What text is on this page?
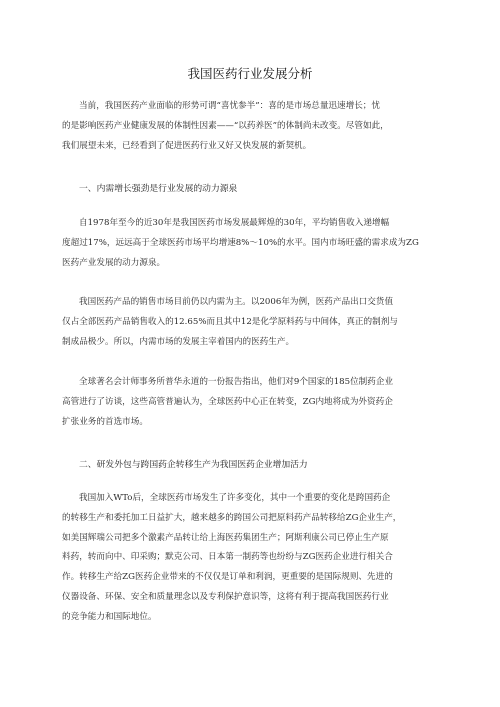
我国医药行业发展分析
当前，我国医药产业面临的形势可谓“喜忧参半”：喜的是市场总量迅速增长；忧
的是影响医药产业健康发展的体制性因素——“以药养医”的体制尚未改变。尽管如此，
我们展望未来，已经看到了促进医药行业又好又快发展的新契机。
一、内需增长强劲是行业发展的动力源泉
自1978年至今的近30年是我国医药市场发展最辉煌的30年，平均销售收入递增幅
度超过17%，远远高于全球医药市场平均增速8%～10%的水平。国内市场旺盛的需求成为ZG
医药产业发展的动力源泉。
我国医药产品的销售市场目前仍以内需为主。以2006年为例，医药产品出口交货值
仅占全部医药产品销售收入的12.65%而且其中12是化学原料药与中间体，真正的制剂与
制成品极少。所以，内需市场的发展主宰着国内的医药生产。
全球著名会计师事务所普华永道的一份报告指出，他们对9个国家的185位制药企业
高管进行了访谈，这些高管普遍认为，全球医药中心正在转变，ZG内地将成为外资药企
扩张业务的首选市场。
二、研发外包与跨国药企转移生产为我国医药企业增加活力
我国加入WTo后，全球医药市场发生了许多变化，其中一个重要的变化是跨国药企
的转移生产和委托加工日益扩大，越来越多的跨国公司把原料药产品转移给ZG企业生产，
如美国辉瑞公司把多个激素产品转让给上海医药集团生产；阿斯利康公司已停止生产原
料药，转而向中、印采购；默克公司、日本第一制药等也纷纷与ZG医药企业进行相关合
作。转移生产给ZG医药企业带来的不仅仅是订单和利润，更重要的是国际规则、先进的
仪器设备、环保、安全和质量理念以及专利保护意识等，这将有利于提高我国医药行业
的竞争能力和国际地位。
